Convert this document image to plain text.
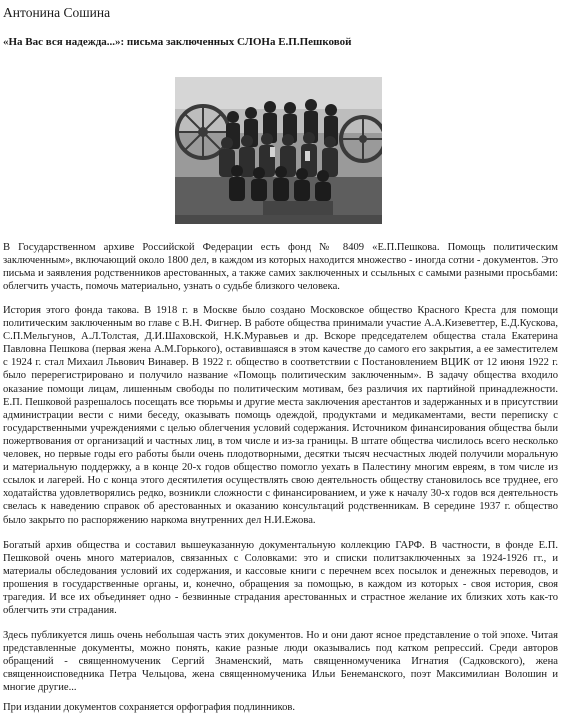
Антонина Сошина
«На Вас вся надежда...»: письма заключенных СЛОНа Е.П.Пешковой

В Государственном архиве Российской Федерации есть фонд № 8409 «Е.П.Пешкова. Помощь политическим заключенным», включающий около 1800 дел, в каждом из которых находится множество - иногда сотни - документов. Это письма и заявления родственников арестованных, а также самих заключенных и ссыльных с самыми разными просьбами: облегчить участь, помочь материально, узнать о судьбе близкого человека.

История этого фонда такова. В 1918 г. в Москве было создано Московское общество Красного Креста для помощи политическим заключенным во главе с В.Н. Фигнер. В работе общества принимали участие А.А.Кизеветтер, Е.Д.Кускова, С.П.Мельгунов, А.Л.Толстая, Д.И.Шаховской, Н.К.Муравьев и др. Вскоре председателем общества стала Екатерина Павловна Пешкова (первая жена А.М.Горького), оставившаяся в этом качестве до самого его закрытия, а ее заместителем с 1924 г. стал Михаил Львович Винавер. В 1922 г. общество в соответствии с Постановлением ВЦИК от 12 июня 1922 г. было перерегистрировано и получило название «Помощь политическим заключенным». В задачу общества входило оказание помощи лицам, лишенным свободы по политическим мотивам, без различия их партийной принадлежности. Е.П. Пешковой разрешалось посещать все тюрьмы и другие места заключения арестантов и задержанных и в присутствии администрации вести с ними беседу, оказывать помощь одеждой, продуктами и медикаментами, вести переписку с государственными учреждениями с целью облегчения условий содержания. Источником финансирования общества были пожертвования от организаций и частных лиц, в том числе и из-за границы. В штате общества числилось всего несколько человек, но первые годы его работы были очень плодотворными, десятки тысяч несчастных людей получили моральную и материальную поддержку, а в конце 20-х годов общество помогло уехать в Палестину многим евреям, в том числе из ссылок и лагерей. Но с конца этого десятилетия осуществлять свою деятельность обществу становилось все труднее, его ходатайства удовлетворялись редко, возникли сложности с финансированием, и уже к началу 30-х годов вся деятельность свелась к наведению справок об арестованных и оказанию консультаций родственникам. В середине 1937 г. общество было закрыто по распоряжению наркома внутренних дел Н.И.Ежова.

Богатый архив общества и составил вышеуказанную документальную коллекцию ГАРФ. В частности, в фонде Е.П. Пешковой очень много материалов, связанных с Соловками: это и списки политзаключенных за 1924-1926 гг., и материалы обследования условий их содержания, и кассовые книги с перечнем всех посылок и денежных переводов, и прошения в государственные органы, и, конечно, обращения за помощью, в каждом из которых - своя история, своя трагедия. И все их объединяет одно - безвинные страдания арестованных и страстное желание их близких хоть как-то облегчить эти страдания.

Здесь публикуется лишь очень небольшая часть этих документов. Но и они дают ясное представление о той эпохе. Читая представленные документы, можно понять, какие разные люди оказывались под катком репрессий. Среди авторов обращений - священномученик Сергий Знаменский, мать священномученика Игнатия (Садковского), жена священноисповедника Петра Чельцова, жена священномученика Ильи Бенеманского, поэт Максимилиан Волошин и многие другие...

При издании документов сохраняется орфография подлинников.
